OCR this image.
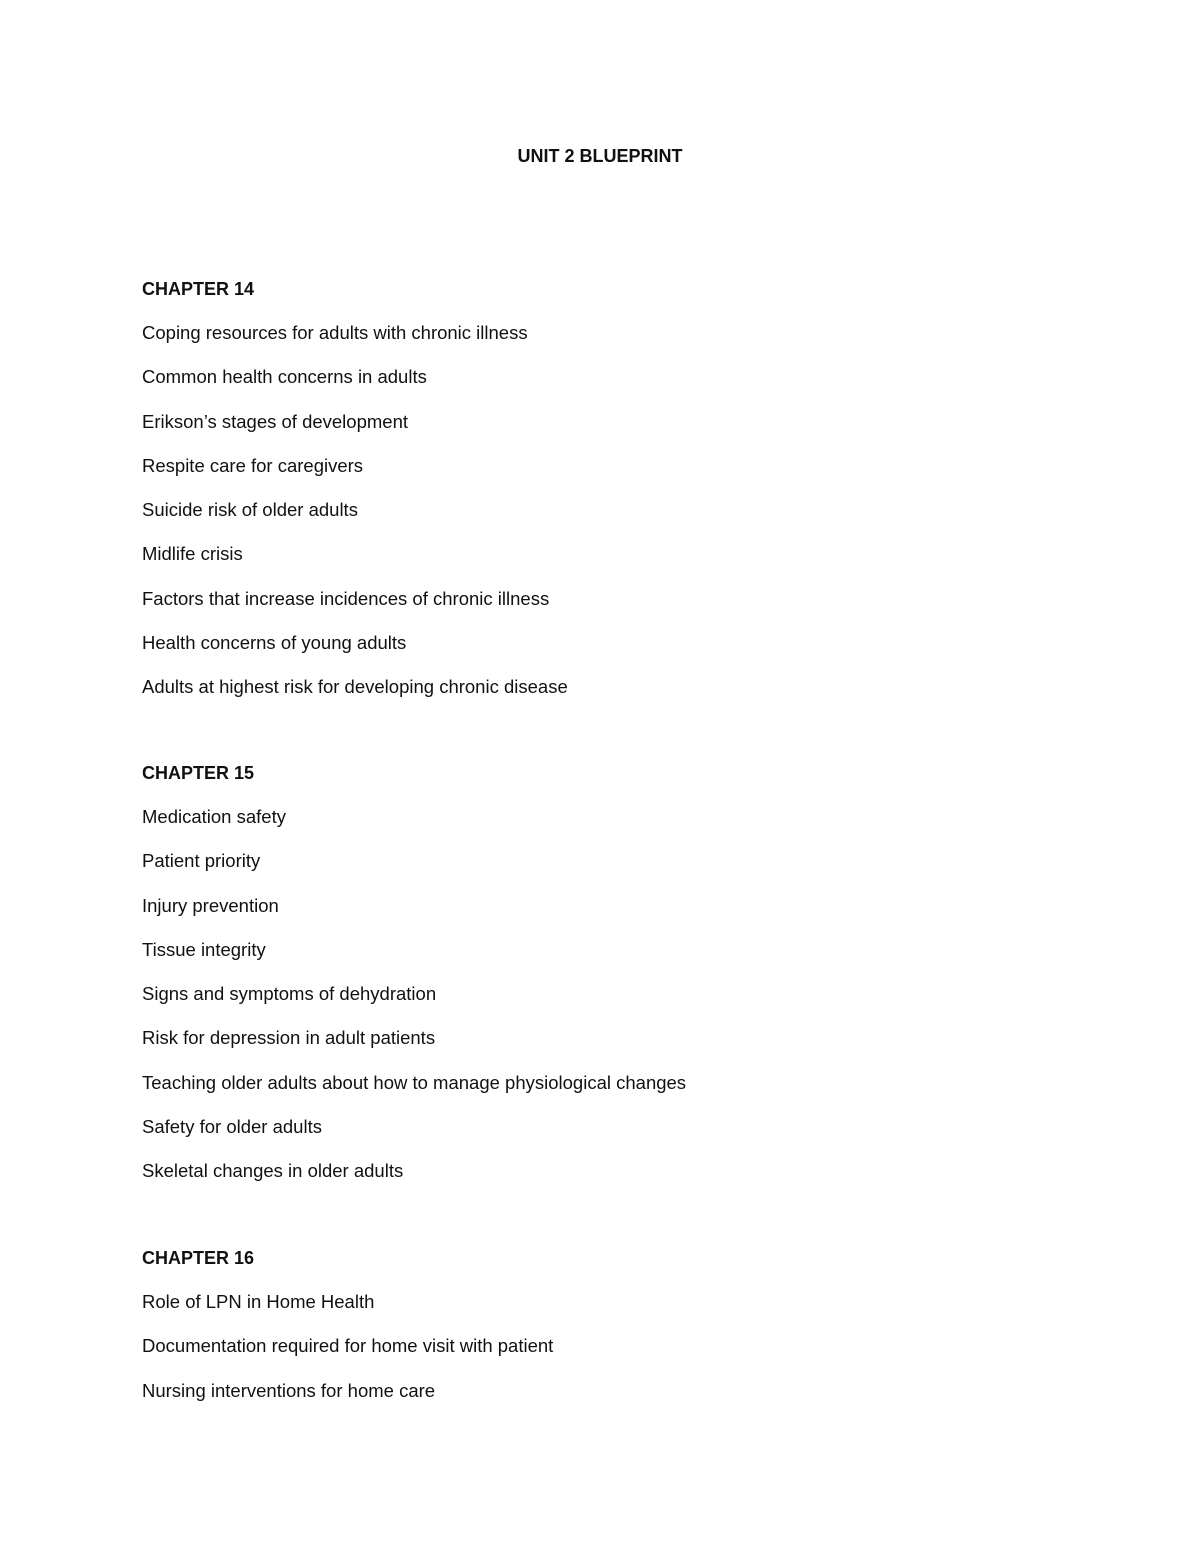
UNIT 2 BLUEPRINT
CHAPTER 14
Coping resources for adults with chronic illness
Common health concerns in adults
Erikson’s stages of development
Respite care for caregivers
Suicide risk of older adults
Midlife crisis
Factors that increase incidences of chronic illness
Health concerns of young adults
Adults at highest risk for developing chronic disease
CHAPTER 15
Medication safety
Patient priority
Injury prevention
Tissue integrity
Signs and symptoms of dehydration
Risk for depression in adult patients
Teaching older adults about how to manage physiological changes
Safety for older adults
Skeletal changes in older adults
CHAPTER 16
Role of LPN in Home Health
Documentation required for home visit with patient
Nursing interventions for home care
